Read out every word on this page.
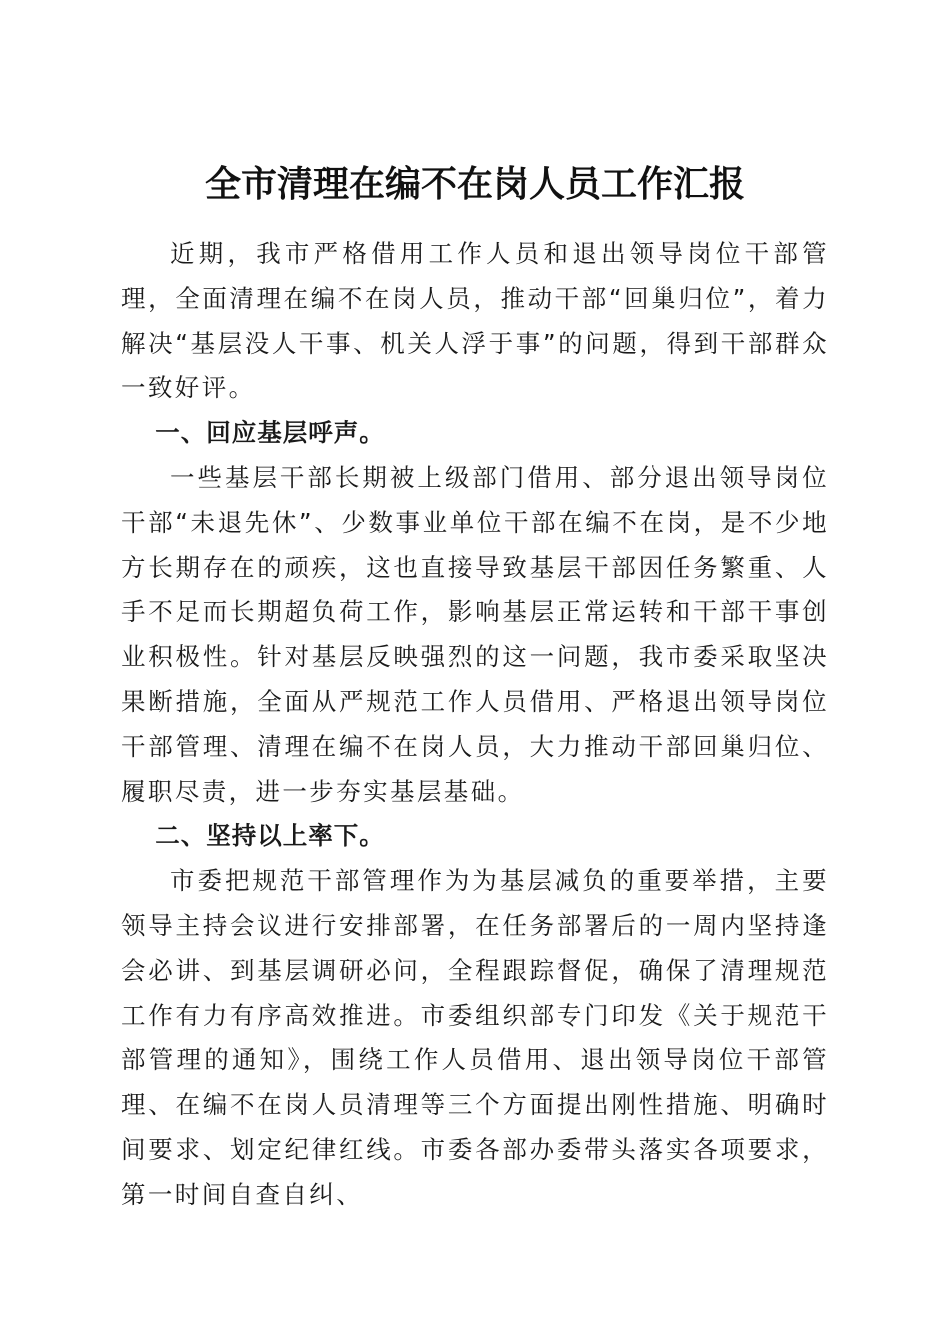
全市清理在编不在岗人员工作汇报

近期，我市严格借用工作人员和退出领导岗位干部管理，全面清理在编不在岗人员，推动干部“回巢归位”，着力解决“基层没人干事、机关人浮于事”的问题，得到干部群众一致好评。

一、回应基层呼声。

一些基层干部长期被上级部门借用、部分退出领导岗位干部“未退先休”、少数事业单位干部在编不在岗，是不少地方长期存在的顽疾，这也直接导致基层干部因任务繁重、人手不足而长期超负荷工作，影响基层正常运转和干部干事创业积极性。针对基层反映强烈的这一问题，我市委采取坚决果断措施，全面从严规范工作人员借用、严格退出领导岗位干部管理、清理在编不在岗人员，大力推动干部回巢归位、履职尽责，进一步夯实基层基础。

二、坚持以上率下。

市委把规范干部管理作为为基层减负的重要举措，主要领导主持会议进行安排部署，在任务部署后的一周内坚持逢会必讲、到基层调研必问，全程跟踪督促，确保了清理规范工作有力有序高效推进。市委组织部专门印发《关于规范干部管理的通知》，围绕工作人员借用、退出领导岗位干部管理、在编不在岗人员清理等三个方面提出刚性措施、明确时间要求、划定纪律红线。市委各部办委带头落实各项要求，第一时间自查自纠、
